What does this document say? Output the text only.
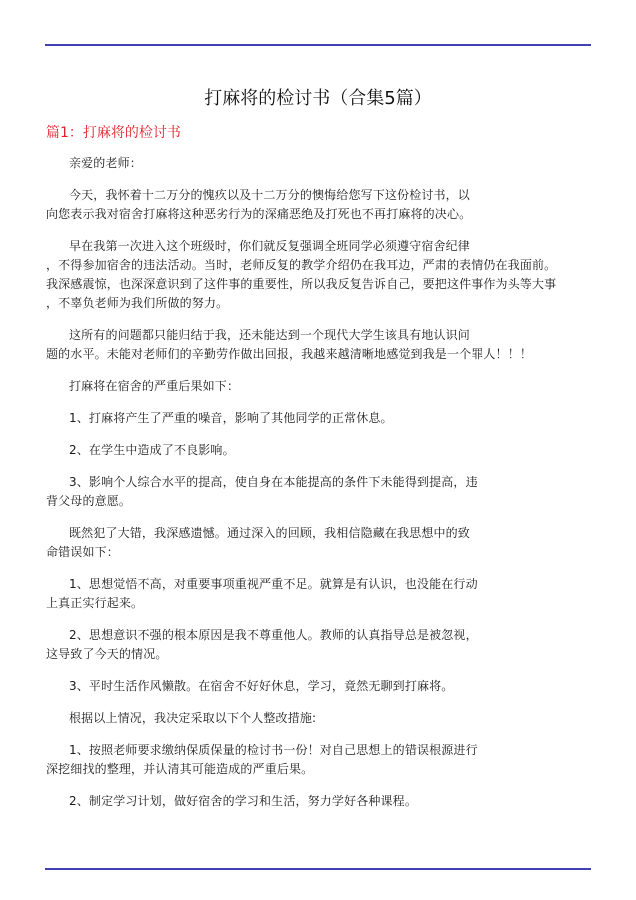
打麻将的检讨书（合集5篇）
篇1：打麻将的检讨书

亲爱的老师：

今天，我怀着十二万分的愧疚以及十二万分的懊悔给您写下这份检讨书，以
向您表示我对宿舍打麻将这种恶劣行为的深痛恶绝及打死也不再打麻将的决心。

早在我第一次进入这个班级时，你们就反复强调全班同学必须遵守宿舍纪律
，不得参加宿舍的违法活动。当时，老师反复的教学介绍仍在我耳边，严肃的表情仍在我面前。
我深感震惊，也深深意识到了这件事的重要性，所以我反复告诉自己，要把这件事作为头等大事
，不辜负老师为我们所做的努力。

这所有的问题都只能归结于我，还未能达到一个现代大学生该具有地认识问
题的水平。未能对老师们的辛勤劳作做出回报，我越来越清晰地感觉到我是一个罪人！！！

打麻将在宿舍的严重后果如下：

1、打麻将产生了严重的噪音，影响了其他同学的正常休息。

2、在学生中造成了不良影响。

3、影响个人综合水平的提高，使自身在本能提高的条件下未能得到提高，违
背父母的意愿。

既然犯了大错，我深感遗憾。通过深入的回顾，我相信隐藏在我思想中的致
命错误如下：

1、思想觉悟不高，对重要事项重视严重不足。就算是有认识，也没能在行动
上真正实行起来。

2、思想意识不强的根本原因是我不尊重他人。教师的认真指导总是被忽视，
这导致了今天的情况。

3、平时生活作风懒散。在宿舍不好好休息，学习，竟然无聊到打麻将。

根据以上情况，我决定采取以下个人整改措施:

1、按照老师要求缴纳保质保量的检讨书一份！对自己思想上的错误根源进行
深挖细找的整理，并认清其可能造成的严重后果。

2、制定学习计划，做好宿舍的学习和生活，努力学好各种课程。
